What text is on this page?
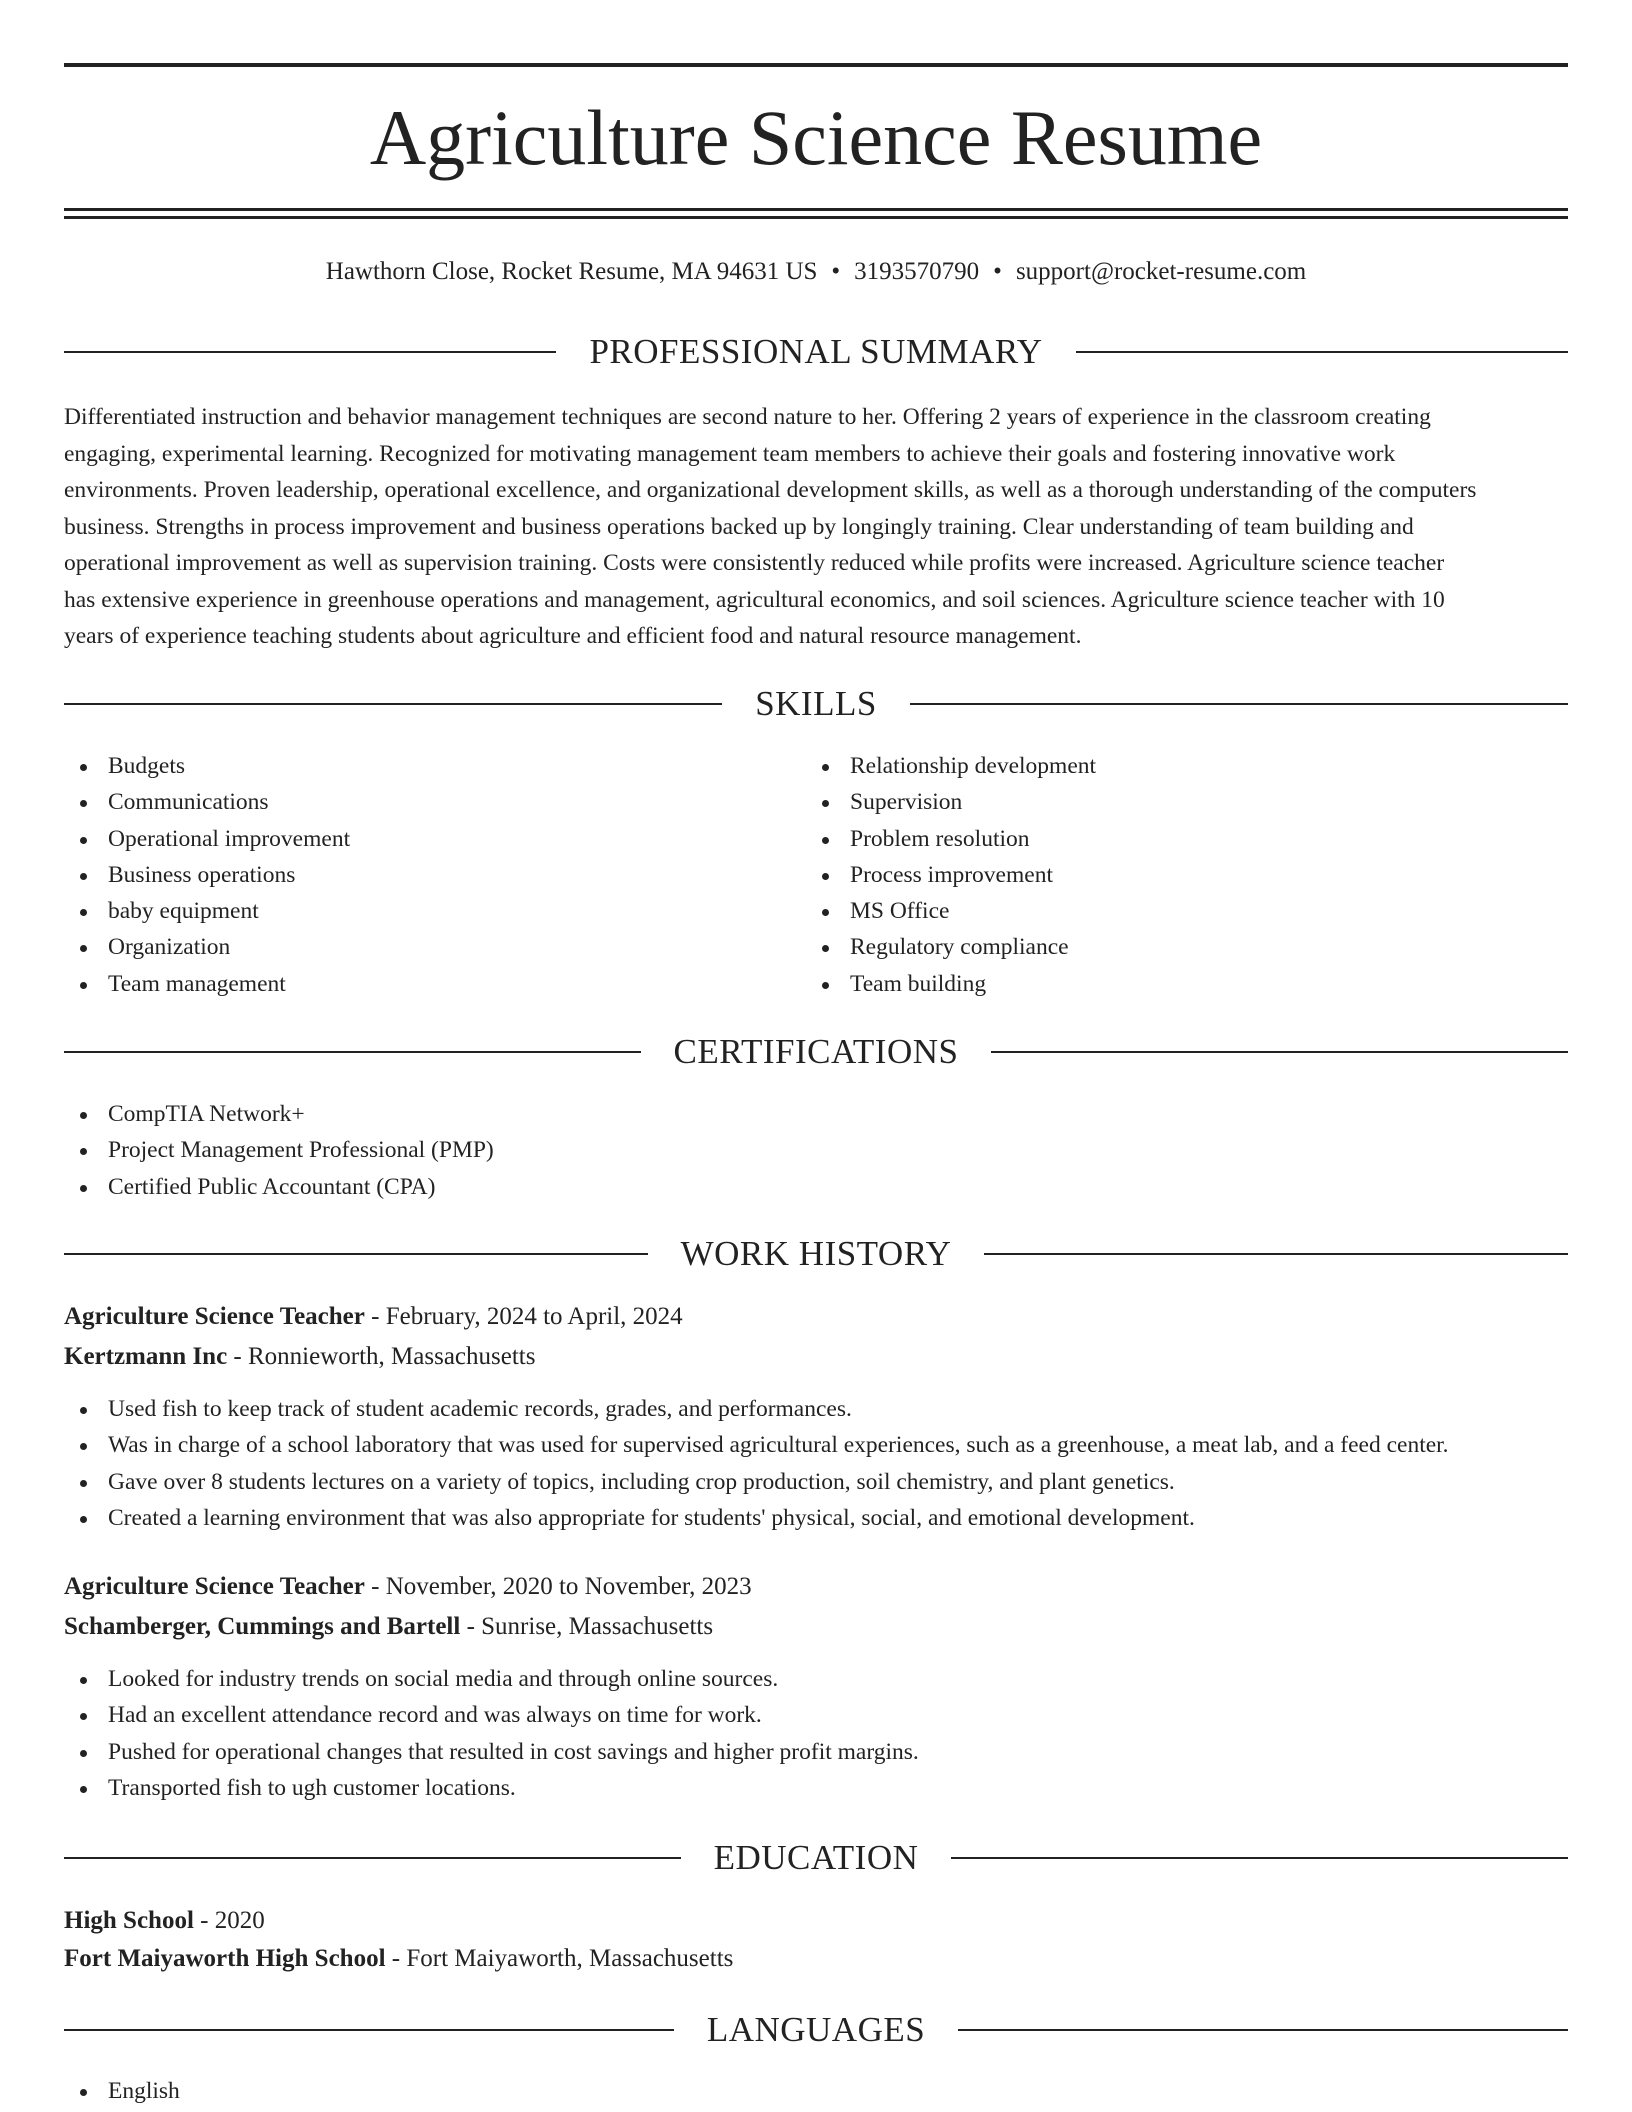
Agriculture Science Resume
Hawthorn Close, Rocket Resume, MA 94631 US • 3193570790 • support@rocket-resume.com
PROFESSIONAL SUMMARY
Differentiated instruction and behavior management techniques are second nature to her. Offering 2 years of experience in the classroom creating
engaging, experimental learning. Recognized for motivating management team members to achieve their goals and fostering innovative work
environments. Proven leadership, operational excellence, and organizational development skills, as well as a thorough understanding of the computers
business. Strengths in process improvement and business operations backed up by longingly training. Clear understanding of team building and
operational improvement as well as supervision training. Costs were consistently reduced while profits were increased. Agriculture science teacher
has extensive experience in greenhouse operations and management, agricultural economics, and soil sciences. Agriculture science teacher with 10
years of experience teaching students about agriculture and efficient food and natural resource management.
SKILLS
Budgets
Communications
Operational improvement
Business operations
baby equipment
Organization
Team management
Relationship development
Supervision
Problem resolution
Process improvement
MS Office
Regulatory compliance
Team building
CERTIFICATIONS
CompTIA Network+
Project Management Professional (PMP)
Certified Public Accountant (CPA)
WORK HISTORY
Agriculture Science Teacher - February, 2024 to April, 2024
Kertzmann Inc - Ronnieworth, Massachusetts
Used fish to keep track of student academic records, grades, and performances.
Was in charge of a school laboratory that was used for supervised agricultural experiences, such as a greenhouse, a meat lab, and a feed center.
Gave over 8 students lectures on a variety of topics, including crop production, soil chemistry, and plant genetics.
Created a learning environment that was also appropriate for students' physical, social, and emotional development.
Agriculture Science Teacher - November, 2020 to November, 2023
Schamberger, Cummings and Bartell - Sunrise, Massachusetts
Looked for industry trends on social media and through online sources.
Had an excellent attendance record and was always on time for work.
Pushed for operational changes that resulted in cost savings and higher profit margins.
Transported fish to ugh customer locations.
EDUCATION
High School - 2020
Fort Maiyaworth High School - Fort Maiyaworth, Massachusetts
LANGUAGES
English
